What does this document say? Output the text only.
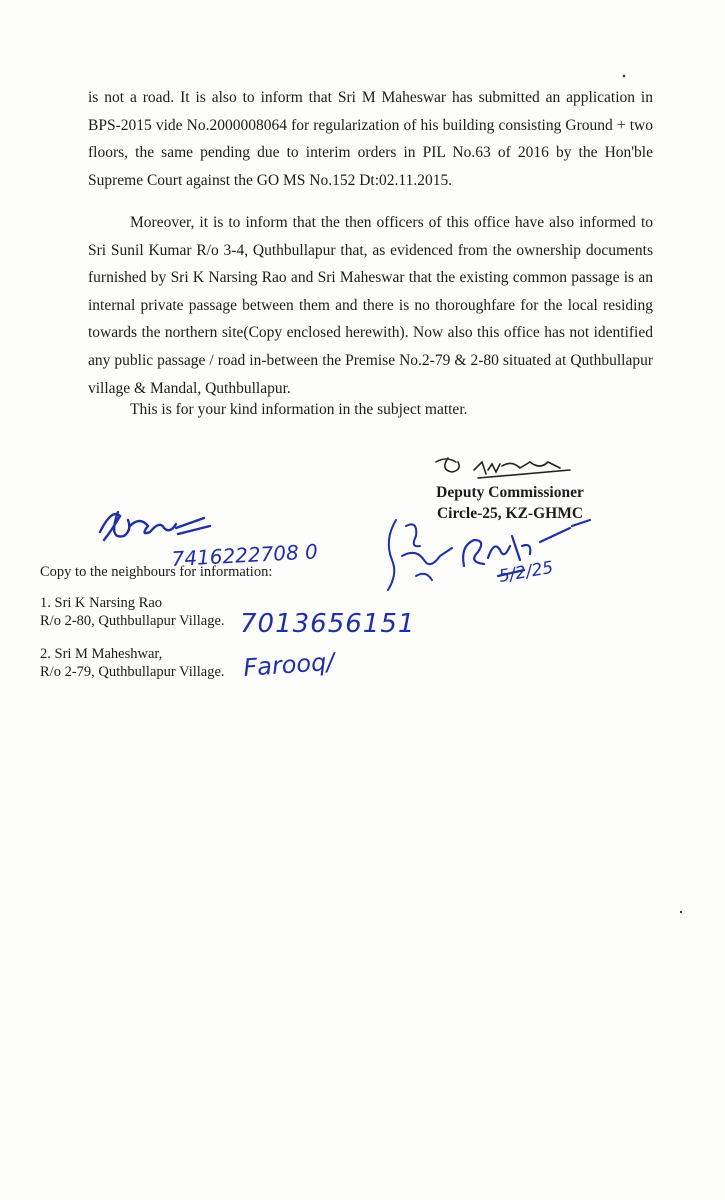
is not a road. It is also to inform that Sri M Maheswar has submitted an application in BPS-2015 vide No.2000008064 for regularization of his building consisting Ground + two floors, the same pending due to interim orders in PIL No.63 of 2016 by the Hon'ble Supreme Court against the GO MS No.152 Dt:02.11.2015.
Moreover, it is to inform that the then officers of this office have also informed to Sri Sunil Kumar R/o 3-4, Quthbullapur that, as evidenced from the ownership documents furnished by Sri K Narsing Rao and Sri Maheswar that the existing common passage is an internal private passage between them and there is no thoroughfare for the local residing towards the northern site(Copy enclosed herewith). Now also this office has not identified any public passage / road in-between the Premise No.2-79 & 2-80 situated at Quthbullapur village & Mandal, Quthbullapur.
This is for your kind information in the subject matter.
Deputy Commissioner
Circle-25, KZ-GHMC
Copy to the neighbours for information:
1. Sri K Narsing Rao
R/o 2-80, Quthbullapur Village.
2. Sri M Maheshwar,
R/o 2-79, Quthbullapur Village.
7416222708 0
5/2/25
7013656151
Farooq/
